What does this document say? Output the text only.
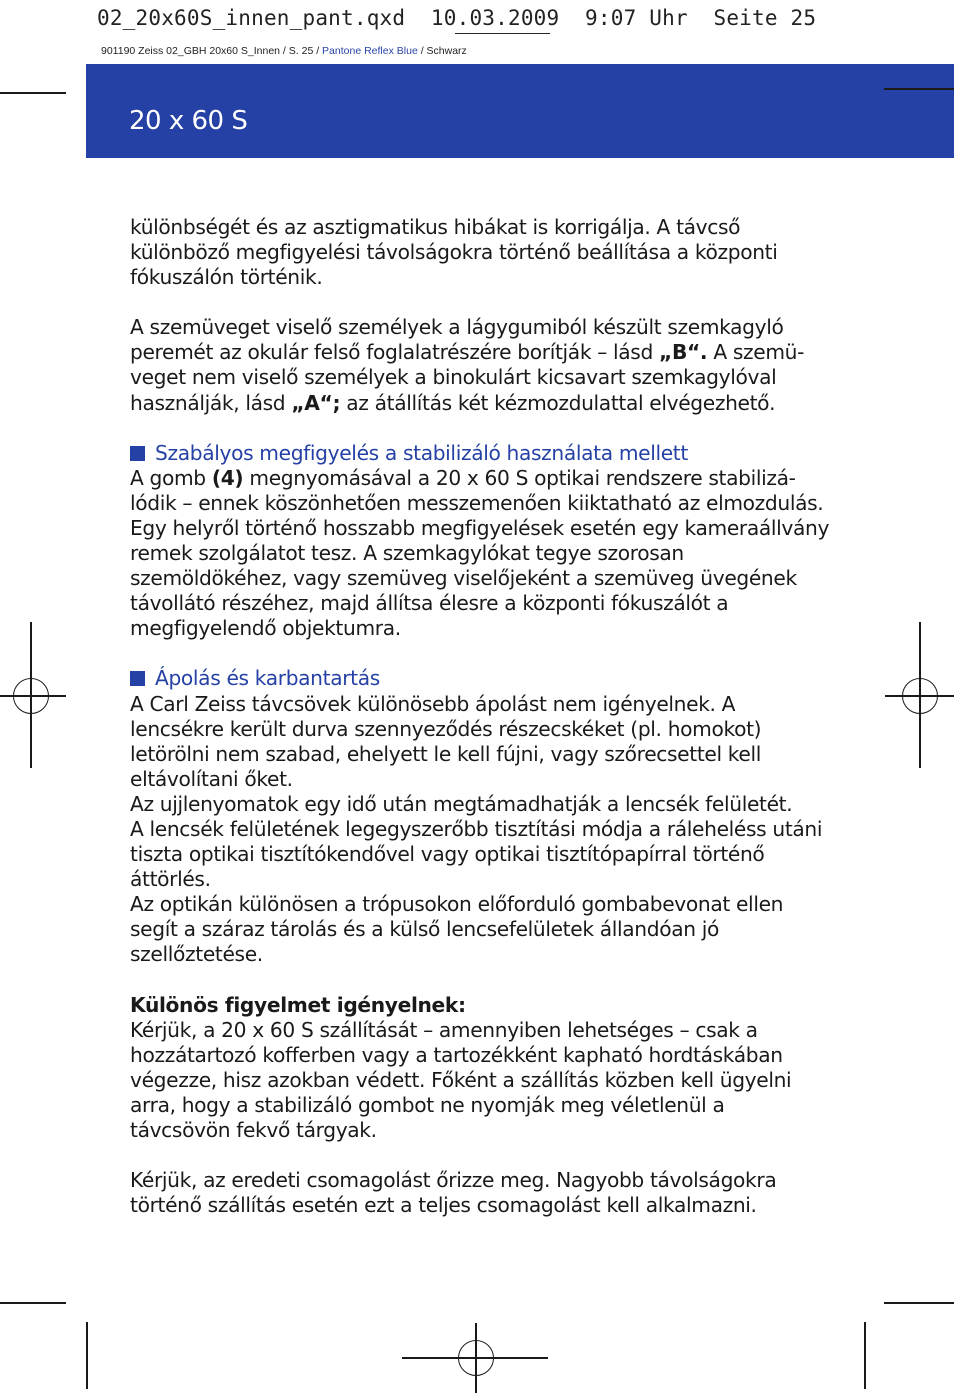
02_20x60S_innen_pant.qxd 10.03.2009 9:07 Uhr Seite 25
901190 Zeiss 02_GBH 20x60 S_Innen / S. 25 / Pantone Reflex Blue / Schwarz
20 x 60 S

különbségét és az asztigmatikus hibákat is korrigálja. A távcső különböző megfigyelési távolságokra történő beállítása a központi fókuszálón történik.

A szemüveget viselő személyek a lágygumiból készült szemkagyló peremét az okulár felső foglalatrészére borítják – lásd „B“. A szemüveget nem viselő személyek a binokulárt kicsavart szemkagylóval használják, lásd „A“; az átállítás két kézmozdulattal elvégezhető.

Szabályos megfigyelés a stabilizáló használata mellett

A gomb (4) megnyomásával a 20 x 60 S optikai rendszere stabilizálódik – ennek köszönhetően messzemenően kiiktatható az elmozdulás. Egy helyről történő hosszabb megfigyelések esetén egy kameraállvány remek szolgálatot tesz. A szemkagylókat tegye szorosan szemöldökéhez, vagy szemüveg viselőjeként a szemüveg üvegének távollátó részéhez, majd állítsa élesre a központi fókuszálót a megfigyelendő objektumra.

Ápolás és karbantartás

A Carl Zeiss távcsövek különösebb ápolást nem igényelnek. A lencsékre került durva szennyeződés részecskéket (pl. homokot) letörölni nem szabad, ehelyett le kell fújni, vagy szőrecsettel kell eltávolítani őket.

Az ujjlenyomatok egy idő után megtámadhatják a lencsék felületét.

A lencsék felületének legegyszerőbb tisztítási módja a ráleheléss utáni tiszta optikai tisztítókendővel vagy optikai tisztítópapírral történő áttörlés.

Az optikán különösen a trópusokon előforduló gombabevonat ellen segít a száraz tárolás és a külső lencsefelületek állandóan jó szellőztetése.

Különös figyelmet igényelnek:

Kérjük, a 20 x 60 S szállítását – amennyiben lehetséges – csak a hozzátartozó kofferben vagy a tartozékként kapható hordtáskában végezze, hisz azokban védett. Főként a szállítás közben kell ügyelni arra, hogy a stabilizáló gombot ne nyomják meg véletlenül a távcsövön fekvő tárgyak.

Kérjük, az eredeti csomagolást őrizze meg. Nagyobb távolságokra történő szállítás esetén ezt a teljes csomagolást kell alkalmazni.
